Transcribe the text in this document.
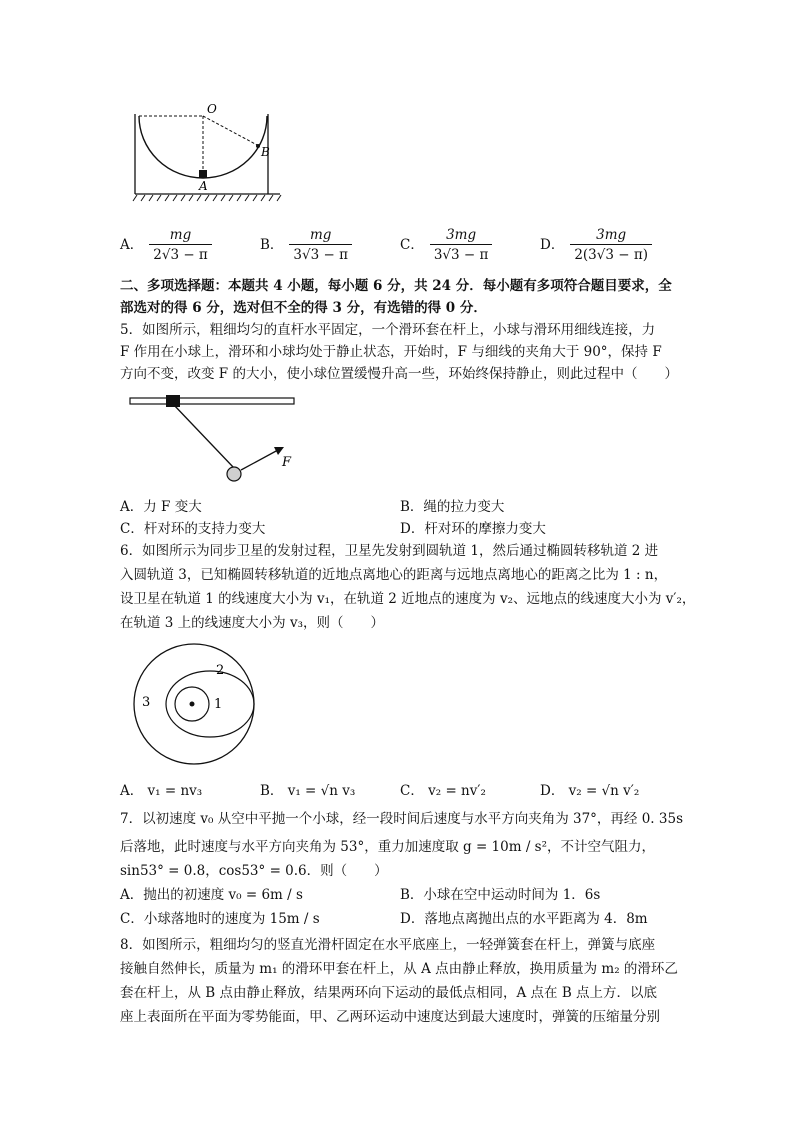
O
A
B
A． $\frac{mg}{2√3 - \pi}$	B． $\frac{mg}{3√3 - \pi}$	C． $\frac{3mg}{3√3 - \pi}$	D． $\frac{3mg}{2(3√3 - \pi)}$
二、多项选择题：本题共 4 小题，每小题 6 分，共 24 分．每小题有多项符合题目要求，全
部选对的得 6 分，选对但不全的得 3 分，有选错的得 0 分．
5．如图所示，粗细均匀的直杆水平固定，一个滑环套在杆上，小球与滑环用细线连接，力
F 作用在小球上，滑环和小球均处于静止状态，开始时，F 与细线的夹角大于 90°，保持 F
方向不变，改变 F 的大小，使小球位置缓慢升高一些，环始终保持静止，则此过程中（　　）
F
A．力 F 变大	B．绳的拉力变大
C．杆对环的支持力变大	D．杆对环的摩擦力变大
6．如图所示为同步卫星的发射过程，卫星先发射到圆轨道 1，然后通过椭圆转移轨道 2 进
入圆轨道 3，已知椭圆转移轨道的近地点离地心的距离与远地点离地心的距离之比为 1 : n，
设卫星在轨道 1 的线速度大小为 v₁，在轨道 2 近地点的速度为 v₂、远地点的线速度大小为 v′₂，
在轨道 3 上的线速度大小为 v₃，则（　　）
1
2
3
A． v₁ = nv₃	B． v₁ = √n v₃	C． v₂ = nv′₂	D． v₂ = √n v′₂
7．以初速度 v₀ 从空中平抛一个小球，经一段时间后速度与水平方向夹角为 37°，再经 0. 35s
后落地，此时速度与水平方向夹角为 53°，重力加速度取 g = 10m / s²，不计空气阻力，
sin53° = 0.8，cos53° = 0.6．则（　　）
A．抛出的初速度 v₀ = 6m / s	B．小球在空中运动时间为 1．6s
C．小球落地时的速度为 15m / s	D．落地点离抛出点的水平距离为 4．8m
8．如图所示，粗细均匀的竖直光滑杆固定在水平底座上，一轻弹簧套在杆上，弹簧与底座
接触自然伸长，质量为 m₁ 的滑环甲套在杆上，从 A 点由静止释放，换用质量为 m₂ 的滑环乙
套在杆上，从 B 点由静止释放，结果两环向下运动的最低点相同，A 点在 B 点上方．以底
座上表面所在平面为零势能面，甲、乙两环运动中速度达到最大速度时，弹簧的压缩量分别
